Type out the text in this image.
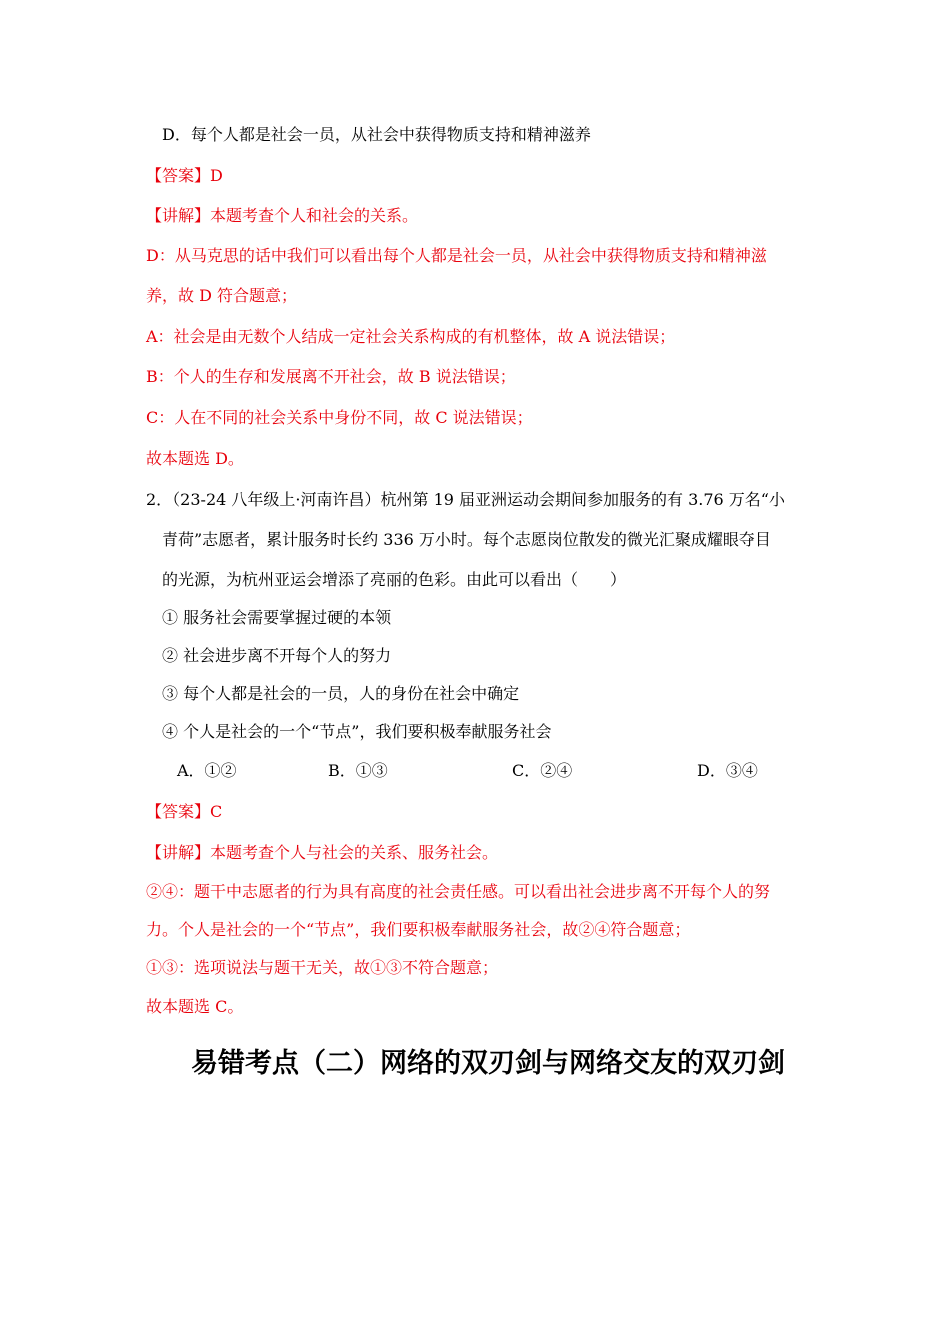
D．每个人都是社会一员，从社会中获得物质支持和精神滋养
【答案】D
【讲解】本题考查个人和社会的关系。
D：从马克思的话中我们可以看出每个人都是社会一员，从社会中获得物质支持和精神滋
养，故 D 符合题意；
A：社会是由无数个人结成一定社会关系构成的有机整体，故 A 说法错误；
B：个人的生存和发展离不开社会，故 B 说法错误；
C：人在不同的社会关系中身份不同，故 C 说法错误；
故本题选 D。
2．（23-24 八年级上·河南许昌）杭州第 19 届亚洲运动会期间参加服务的有 3.76 万名“小
青荷”志愿者，累计服务时长约 336 万小时。每个志愿岗位散发的微光汇聚成耀眼夺目
的光源，为杭州亚运会增添了亮丽的色彩。由此可以看出（　　）
① 服务社会需要掌握过硬的本领
② 社会进步离不开每个人的努力
③ 每个人都是社会的一员，人的身份在社会中确定
④ 个人是社会的一个“节点”，我们要积极奉献服务社会
A．①②	B．①③	C．②④	D．③④
【答案】C
【讲解】本题考查个人与社会的关系、服务社会。
②④：题干中志愿者的行为具有高度的社会责任感。可以看出社会进步离不开每个人的努
力。个人是社会的一个“节点”，我们要积极奉献服务社会，故②④符合题意；
①③：选项说法与题干无关，故①③不符合题意；
故本题选 C。
易错考点（二）网络的双刃剑与网络交友的双刃剑
